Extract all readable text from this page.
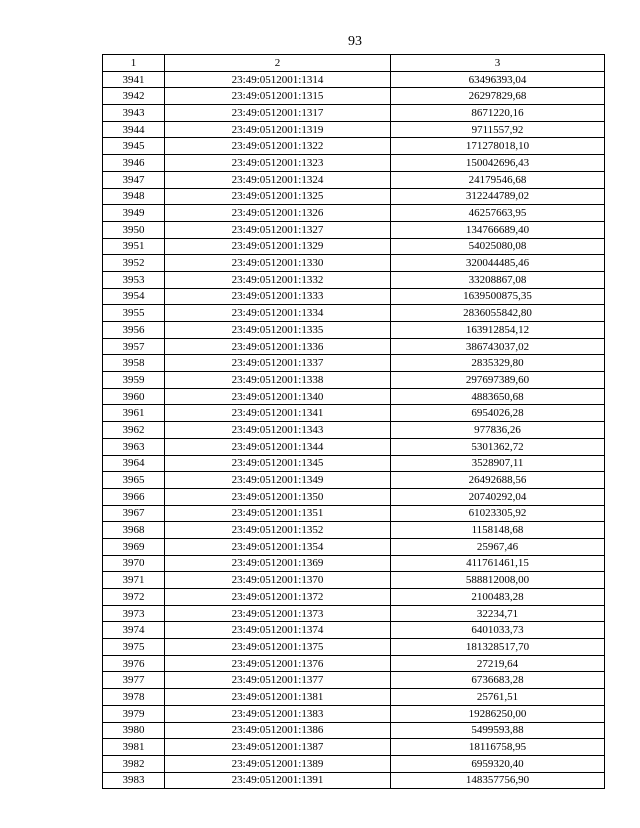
93
1	2	3
3941	23:49:0512001:1314	63496393,04
3942	23:49:0512001:1315	26297829,68
3943	23:49:0512001:1317	8671220,16
3944	23:49:0512001:1319	9711557,92
3945	23:49:0512001:1322	171278018,10
3946	23:49:0512001:1323	150042696,43
3947	23:49:0512001:1324	24179546,68
3948	23:49:0512001:1325	312244789,02
3949	23:49:0512001:1326	46257663,95
3950	23:49:0512001:1327	134766689,40
3951	23:49:0512001:1329	54025080,08
3952	23:49:0512001:1330	320044485,46
3953	23:49:0512001:1332	33208867,08
3954	23:49:0512001:1333	1639500875,35
3955	23:49:0512001:1334	2836055842,80
3956	23:49:0512001:1335	163912854,12
3957	23:49:0512001:1336	386743037,02
3958	23:49:0512001:1337	2835329,80
3959	23:49:0512001:1338	297697389,60
3960	23:49:0512001:1340	4883650,68
3961	23:49:0512001:1341	6954026,28
3962	23:49:0512001:1343	977836,26
3963	23:49:0512001:1344	5301362,72
3964	23:49:0512001:1345	3528907,11
3965	23:49:0512001:1349	26492688,56
3966	23:49:0512001:1350	20740292,04
3967	23:49:0512001:1351	61023305,92
3968	23:49:0512001:1352	1158148,68
3969	23:49:0512001:1354	25967,46
3970	23:49:0512001:1369	411761461,15
3971	23:49:0512001:1370	588812008,00
3972	23:49:0512001:1372	2100483,28
3973	23:49:0512001:1373	32234,71
3974	23:49:0512001:1374	6401033,73
3975	23:49:0512001:1375	181328517,70
3976	23:49:0512001:1376	27219,64
3977	23:49:0512001:1377	6736683,28
3978	23:49:0512001:1381	25761,51
3979	23:49:0512001:1383	19286250,00
3980	23:49:0512001:1386	5499593,88
3981	23:49:0512001:1387	18116758,95
3982	23:49:0512001:1389	6959320,40
3983	23:49:0512001:1391	148357756,90
